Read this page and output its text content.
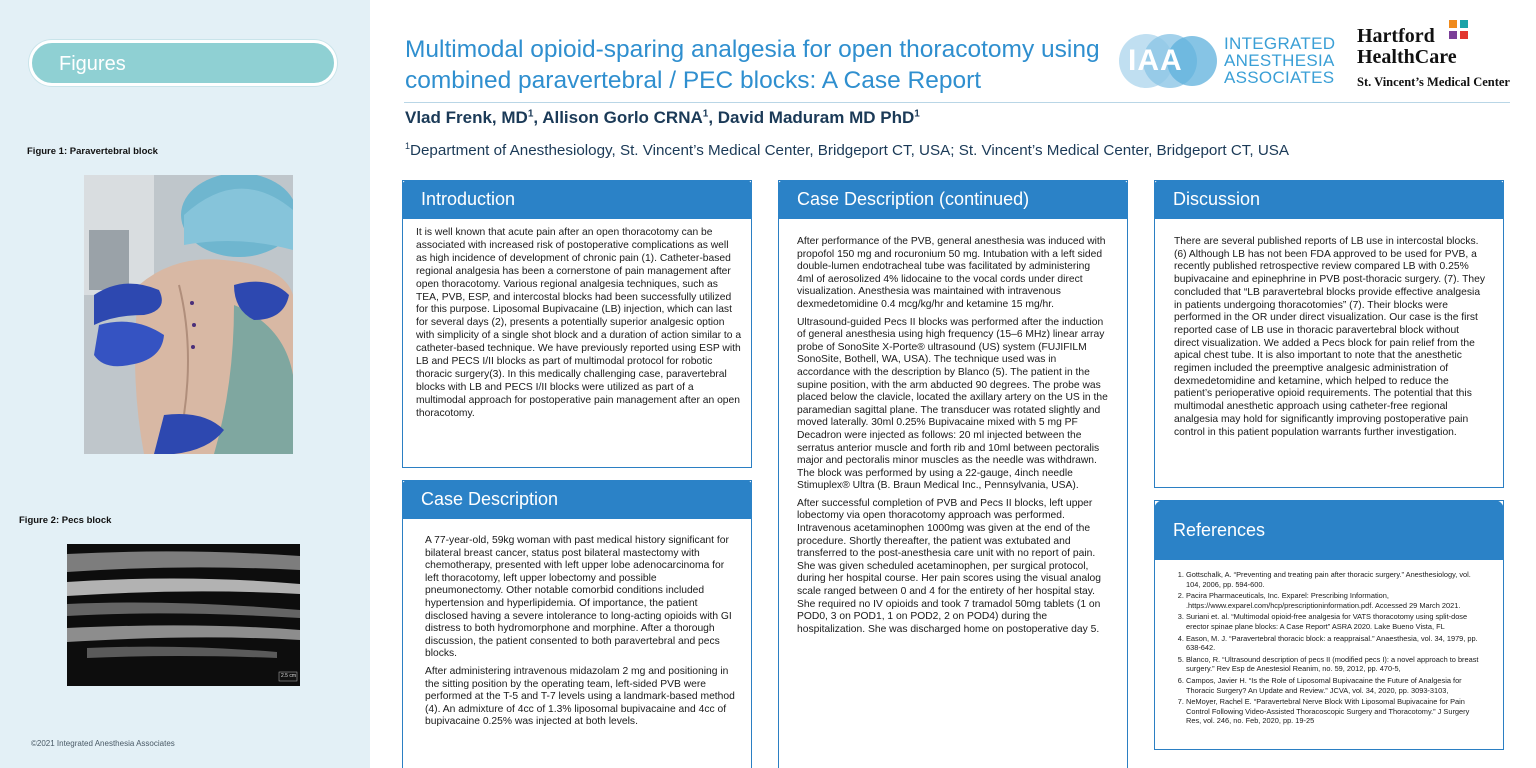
Figures
Figure 1: Paravertebral block
Figure 2: Pecs block
2.5 cm
©2021 Integrated Anesthesia Associates
Multimodal opioid-sparing analgesia for open thoracotomy using combined paravertebral / PEC blocks: A Case Report
Vlad Frenk, $MD^1$, Allison Gorlo CRNA$^1$, David Maduram MD PhD$^1$
$^1$Department of Anesthesiology, St. Vincent’s Medical Center, Bridgeport CT, USA; St. Vincent’s Medical Center, Bridgeport CT, USA
IAA
INTEGRATED
ANESTHESIA
ASSOCIATES
Hartford
HealthCare
St. Vincent’s Medical Center
Introduction

It is well known that acute pain after an open thoracotomy can be associated with increased risk of postoperative complications as well as high incidence of development of chronic pain (1). Catheter-based regional analgesia has been a cornerstone of pain management after open thoracotomy. Various regional analgesia techniques, such as TEA, PVB, ESP, and intercostal blocks had been successfully utilized for this purpose. Liposomal Bupivacaine (LB) injection, which can last for several days (2), presents a potentially superior analgesic option with simplicity of a single shot block and a duration of action similar to a catheter-based technique. We have previously reported using ESP with LB and PECS I/II blocks as part of multimodal protocol for robotic thoracic surgery(3). In this medically challenging case, paravertebral blocks with LB and PECS I/II blocks were utilized as part of a multimodal approach for postoperative pain management after an open thoracotomy.

Case Description

A 77-year-old, 59kg woman with past medical history significant for bilateral breast cancer, status post bilateral mastectomy with chemotherapy, presented with left upper lobe adenocarcinoma for left thoracotomy, left upper lobectomy and possible pneumonectomy. Other notable comorbid conditions included hypertension and hyperlipidemia. Of importance, the patient disclosed having a severe intolerance to long-acting opioids with GI distress to both hydromorphone and morphine. After a thorough discussion, the patient consented to both paravertebral and pecs blocks.

After administering intravenous midazolam 2 mg and positioning in the sitting position by the operating team, left-sided PVB were performed at the T-5 and T-7 levels using a landmark-based method (4). An admixture of 4cc of 1.3% liposomal bupivacaine and 4cc of bupivacaine 0.25% was injected at both levels.

Case Description (continued)

After performance of the PVB, general anesthesia was induced with propofol 150 mg and rocuronium 50 mg. Intubation with a left sided double-lumen endotracheal tube was facilitated by administering 4ml of aerosolized 4% lidocaine to the vocal cords under direct visualization. Anesthesia was maintained with intravenous dexmedetomidine 0.4 mcg/kg/hr and ketamine 15 mg/hr.

Ultrasound-guided Pecs II blocks was performed after the induction of general anesthesia using high frequency (15–6 MHz) linear array probe of SonoSite X-Porte® ultrasound (US) system (FUJIFILM SonoSite, Bothell, WA, USA). The technique used was in accordance with the description by Blanco (5). The patient in the supine position, with the arm abducted 90 degrees. The probe was placed below the clavicle, located the axillary artery on the US in the paramedian sagittal plane. The transducer was rotated slightly and moved laterally. 30ml 0.25% Bupivacaine mixed with 5 mg PF Decadron were injected as follows: 20 ml injected between the serratus anterior muscle and forth rib and 10ml between pectoralis major and pectoralis minor muscles as the needle was withdrawn. The block was performed by using a 22-gauge, 4inch needle Stimuplex® Ultra (B. Braun Medical Inc., Pennsylvania, USA).

After successful completion of PVB and Pecs II blocks, left upper lobectomy via open thoracotomy approach was performed. Intravenous acetaminophen 1000mg was given at the end of the procedure. Shortly thereafter, the patient was extubated and transferred to the post-anesthesia care unit with no report of pain. She was given scheduled acetaminophen, per surgical protocol, during her hospital course. Her pain scores using the visual analog scale ranged between 0 and 4 for the entirety of her hospital stay. She required no IV opioids and took 7 tramadol 50mg tablets (1 on POD0, 3 on POD1, 1 on POD2, 2 on POD4) during the hospitalization. She was discharged home on postoperative day 5.

Discussion

There are several published reports of LB use in intercostal blocks.(6) Although LB has not been FDA approved to be used for PVB, a recently published retrospective review compared LB with 0.25% bupivacaine and epinephrine in PVB post-thoracic surgery. (7). They concluded that “LB paravertebral blocks provide effective analgesia in patients undergoing thoracotomies” (7). Their blocks were performed in the OR under direct visualization. Our case is the first reported case of LB use in thoracic paravertebral block without direct visualization. We added a Pecs block for pain relief from the apical chest tube. It is also important to note that the anesthetic regimen included the preemptive analgesic administration of dexmedetomidine and ketamine, which helped to reduce the patient’s perioperative opioid requirements. The potential that this multimodal anesthetic approach using catheter-free regional analgesia may hold for significantly improving postoperative pain control in this patient population warrants further investigation.

References
1. Gottschalk, A. “Preventing and treating pain after thoracic surgery.” Anesthesiology, vol. 104, 2006, pp. 594-600.
2. Pacira Pharmaceuticals, Inc. Exparel: Prescribing Information, .https://www.exparel.com/hcp/prescriptioninformation.pdf. Accessed 29 March 2021.
3. Suriani et. al. “Multimodal opioid-free analgesia for VATS thoracotomy using split-dose erector spinae plane blocks: A Case Report” ASRA 2020. Lake Bueno Vista, FL
4. Eason, M. J. “Paravertebral thoracic block: a reappraisal.” Anaesthesia, vol. 34, 1979, pp. 638-642.
5. Blanco, R. “Ultrasound description of pecs II (modified pecs I): a novel approach to breast surgery.” Rev Esp de Anestesiol Reanim, no. 59, 2012, pp. 470-5,
6. Campos, Javier H. “Is the Role of Liposomal Bupivacaine the Future of Analgesia for Thoracic Surgery? An Update and Review.” JCVA, vol. 34, 2020, pp. 3093-3103,
7. NeMoyer, Rachel E. “Paravertebral Nerve Block With Liposomal Bupivacaine for Pain Control Following Video-Assisted Thoracoscopic Surgery and Thoracotomy.” J Surgery Res, vol. 246, no. Feb, 2020, pp. 19-25
